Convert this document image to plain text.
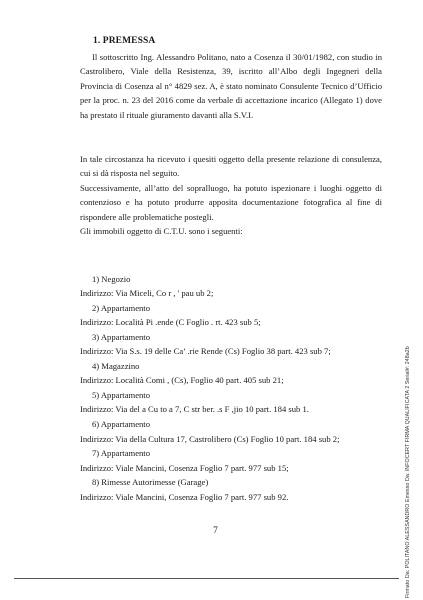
1. PREMESSA

Il sottoscritto Ing. Alessandro Politano, nato a Cosenza il 30/01/1982, con studio in Castrolibero, Viale della Resistenza, 39, iscritto all’Albo degli Ingegneri della Provincia di Cosenza al n° 4829 sez. A, è stato nominato Consulente Tecnico d’Ufficio per la proc. n. 23 del 2016 come da verbale di accettazione incarico (Allegato 1) dove ha prestato il rituale giuramento davanti alla S.V.I.

In tale circostanza ha ricevuto i quesiti oggetto della presente relazione di consulenza, cui si dà risposta nel seguito.

Successivamente, all’atto del sopralluogo, ha potuto ispezionare i luoghi oggetto di contenzioso e ha potuto produrre apposita documentazione fotografica al fine di rispondere alle problematiche postegli.

Gli immobili oggetto di C.T.U. sono i seguenti:

1) Negozio
Indirizzo: Via Miceli, Co r , ' pau ub 2;
2) Appartamento
Indirizzo: Località Pi .ende (C Foglio . rt. 423 sub 5;
3) Appartamento
Indirizzo: Via S.s. 19 delle Ca’ .rie Rende (Cs) Foglio 38 part. 423 sub 7;
4) Magazzino
Indirizzo: Località Comi , (Cs), Foglio 40 part. 405 sub 21;
5) Appartamento
Indirizzo: Via del a Cu to a 7, C str ber. .s F ,jio 10 part. 184 sub 1.
6) Appartamento
Indirizzo: Via della Cultura 17, Castrolibero (Cs) Foglio 10 part. 184 sub 2;
7) Appartamento
Indirizzo: Viale Mancini, Cosenza Foglio 7 part. 977 sub 15;
8) Rimesse Autorimesse (Garage)
Indirizzo: Viale Mancini, Cosenza Foglio 7 part. 977 sub 92.
7	Firmato Da: POLITANO ALESSANDRO Emesso Da: INFOCERT FIRMA QUALIFICATA 2 Serial#: 248a2b
